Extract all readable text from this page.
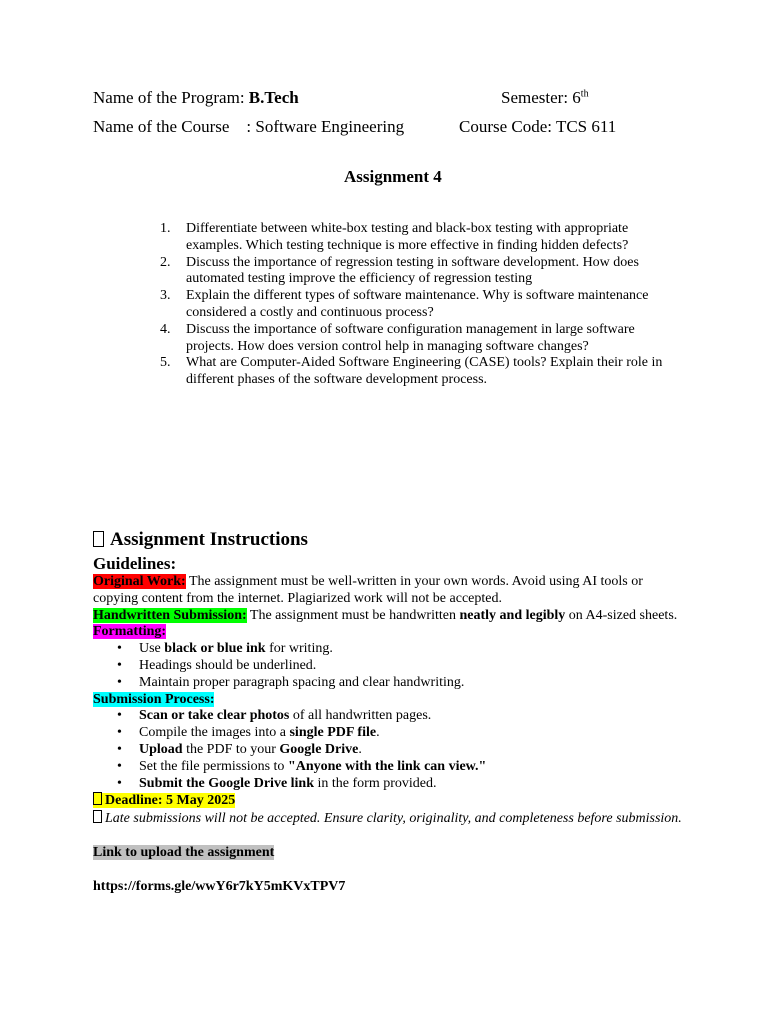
Name of the Program: B.Tech	Semester: 6th
Name of the Course    : Software Engineering	Course Code: TCS 611
Assignment 4
1.	Differentiate between white-box testing and black-box testing with appropriate examples. Which testing technique is more effective in finding hidden defects?
2.	Discuss the importance of regression testing in software development. How does automated testing improve the efficiency of regression testing
3.	Explain the different types of software maintenance. Why is software maintenance considered a costly and continuous process?
4.	Discuss the importance of software configuration management in large software projects. How does version control help in managing software changes?
5.	What are Computer-Aided Software Engineering (CASE) tools? Explain their role in different phases of the software development process.
Assignment Instructions
Guidelines:
Original Work: The assignment must be well-written in your own words. Avoid using AI tools or copying content from the internet. Plagiarized work will not be accepted.
Handwritten Submission: The assignment must be handwritten neatly and legibly on A4-sized sheets.
Formatting:
• Use black or blue ink for writing.
• Headings should be underlined.
• Maintain proper paragraph spacing and clear handwriting.
Submission Process:
• Scan or take clear photos of all handwritten pages.
• Compile the images into a single PDF file.
• Upload the PDF to your Google Drive.
• Set the file permissions to "Anyone with the link can view."
• Submit the Google Drive link in the form provided.
Deadline: 5 May 2025
Late submissions will not be accepted. Ensure clarity, originality, and completeness before submission.
Link to upload the assignment
https://forms.gle/wwY6r7kY5mKVxTPV7
